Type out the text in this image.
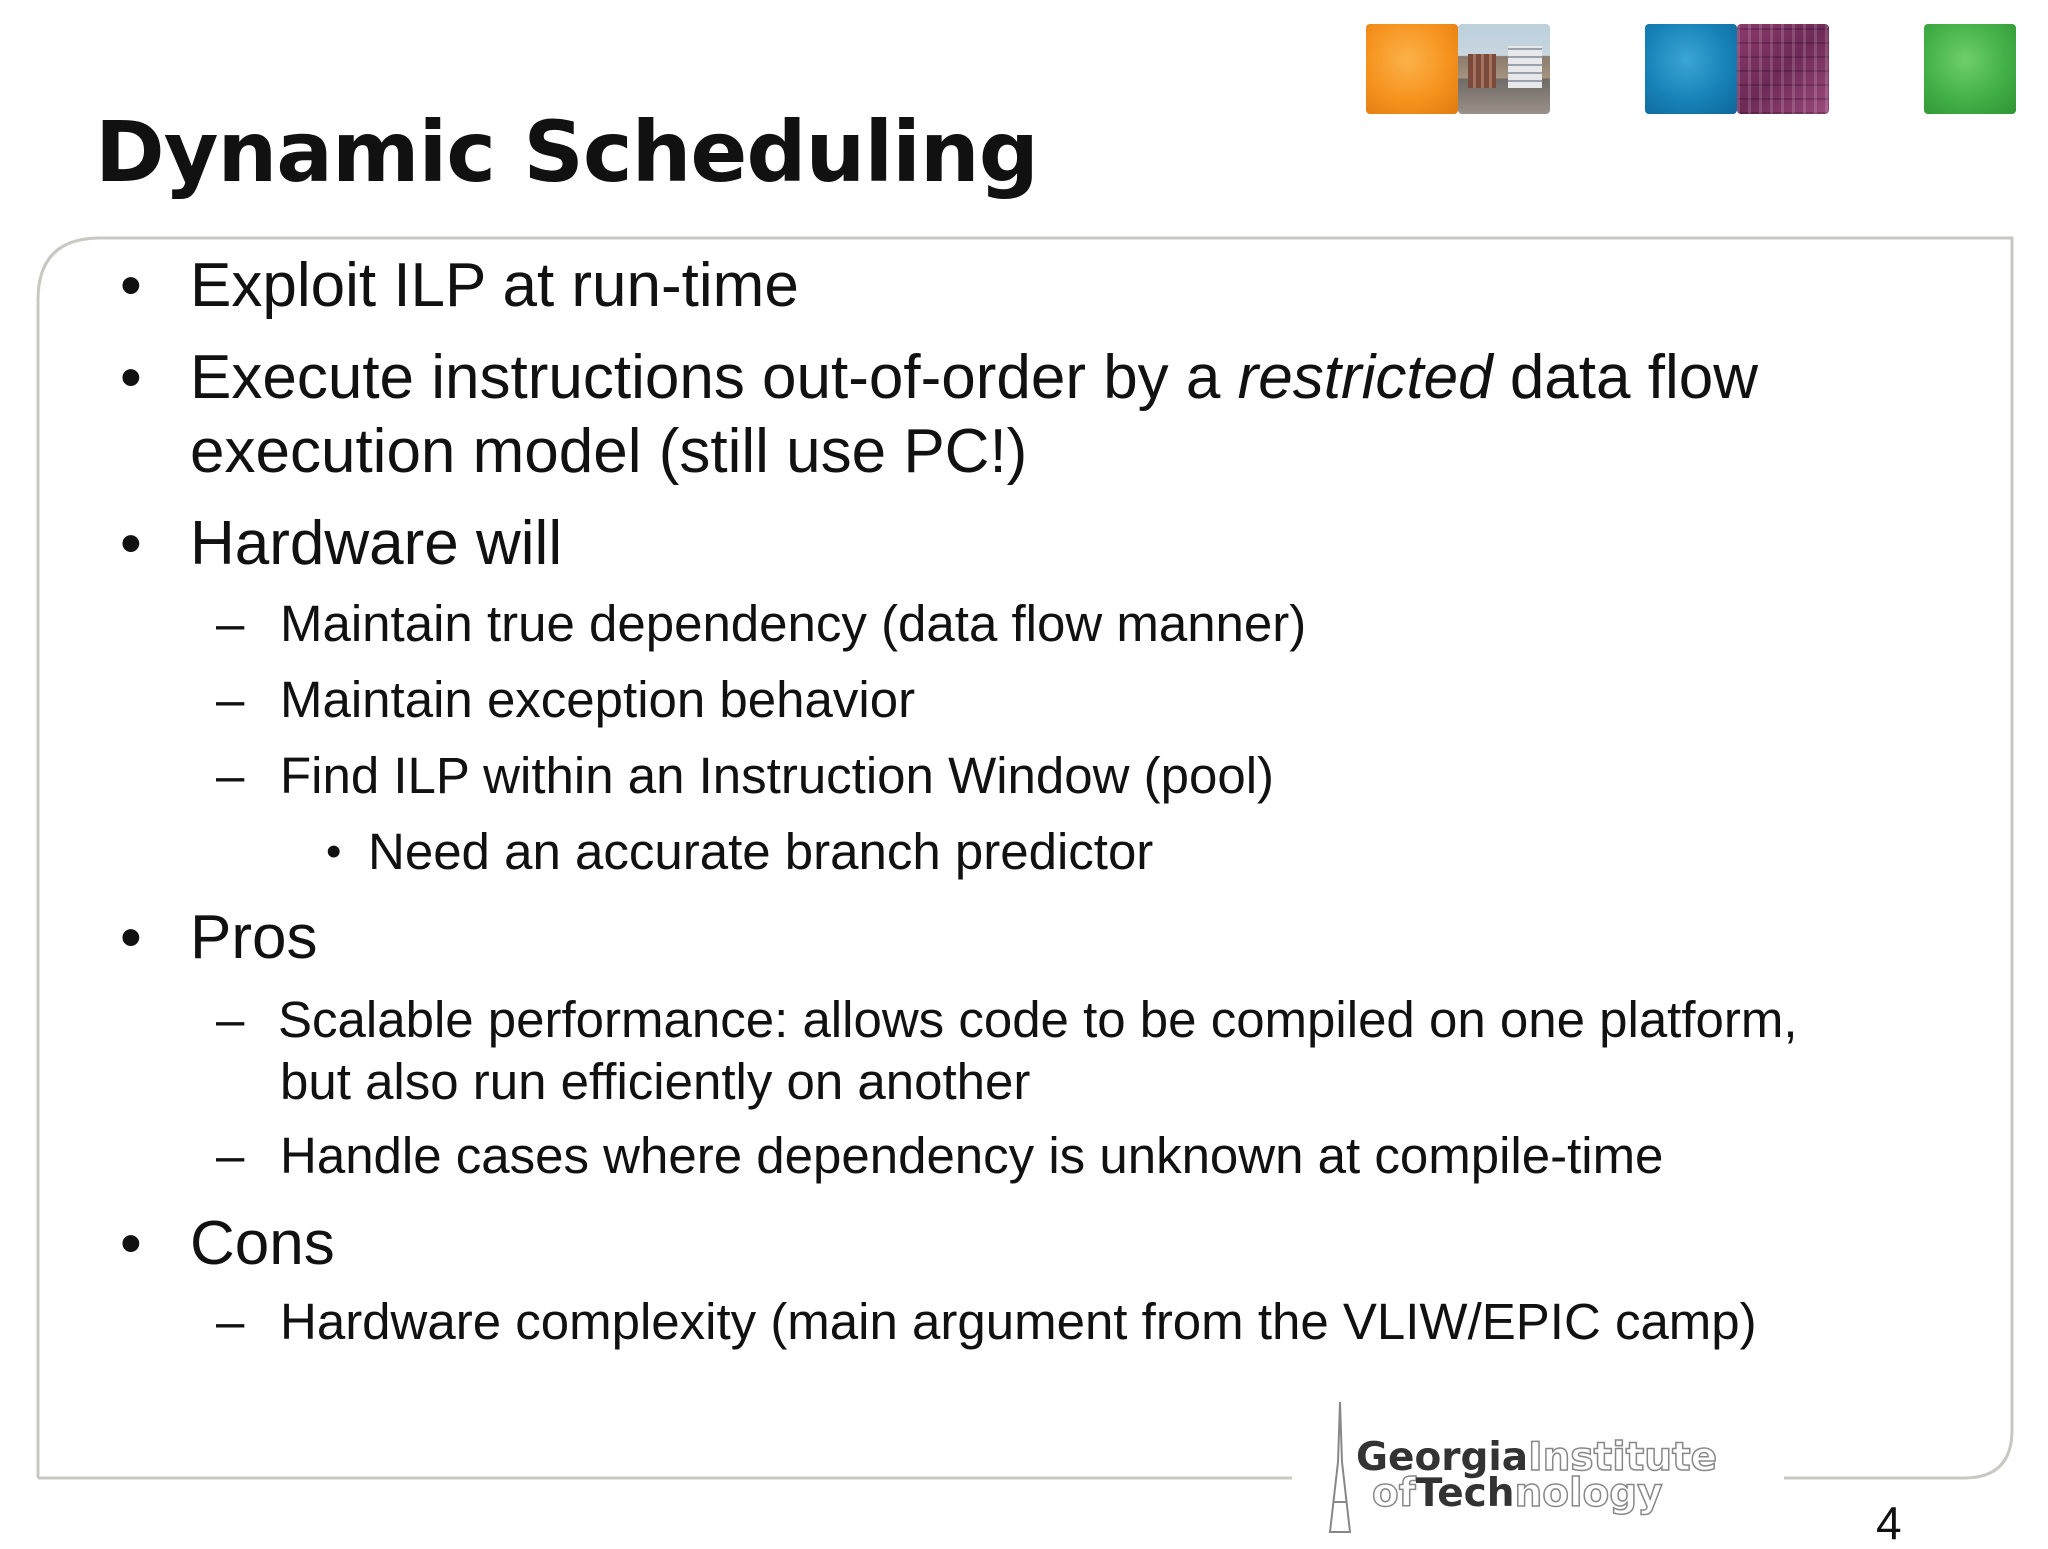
Dynamic Scheduling
• Exploit ILP at run-time

• Execute instructions out-of-order by a restricted data flow

execution model (still use PC!)

• Hardware will

– Maintain true dependency (data flow manner)

– Maintain exception behavior

– Find ILP within an Instruction Window (pool)

• Need an accurate branch predictor

• Pros

– Scalable performance: allows code to be compiled on one platform,

but also run efficiently on another

– Handle cases where dependency is unknown at compile-time

• Cons

– Hardware complexity (main argument from the VLIW/EPIC camp)

GeorgiaInstitute
ofTechnology
4
